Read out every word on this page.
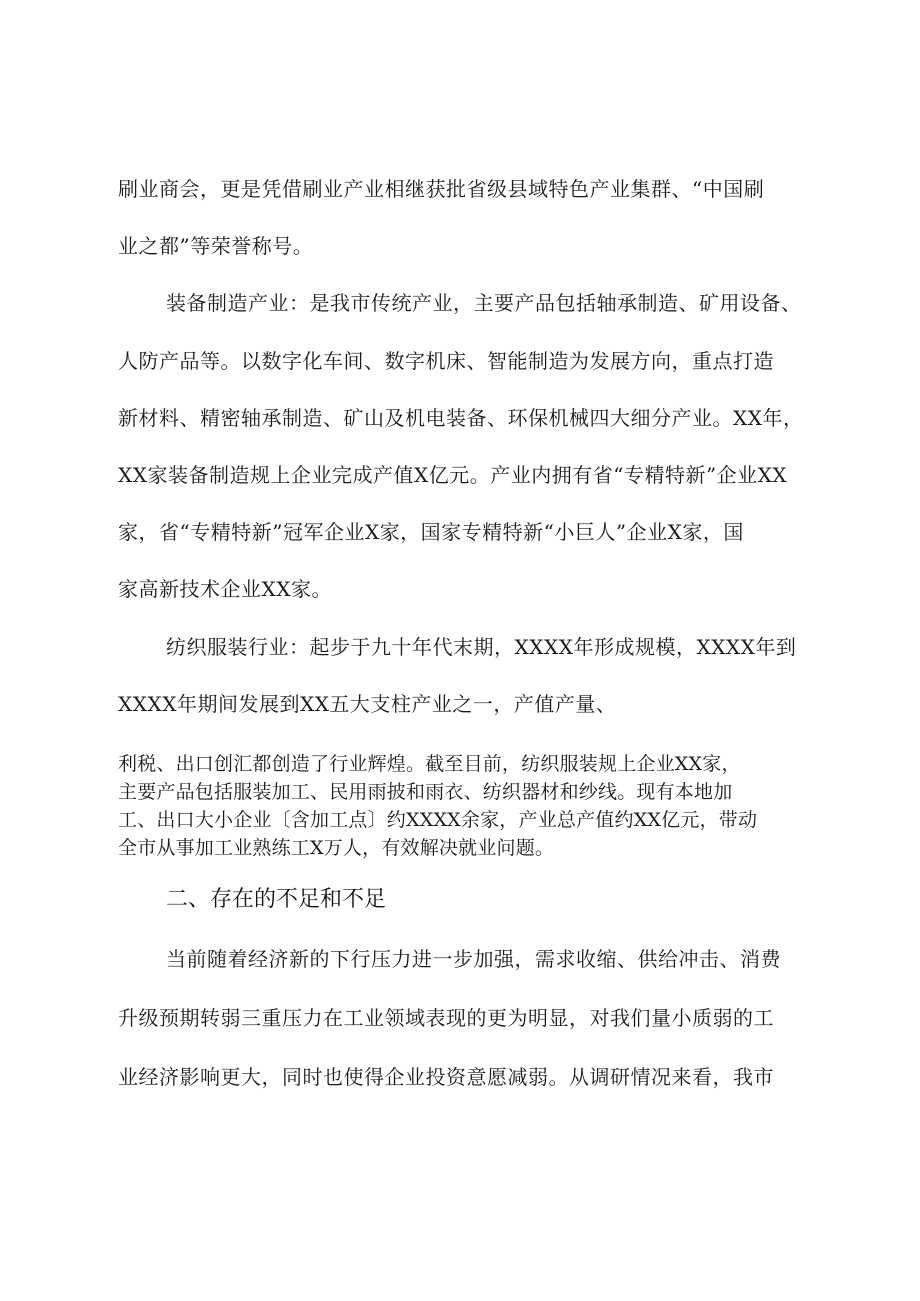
刷业商会，更是凭借刷业产业相继获批省级县域特色产业集群、“中国刷
业之都”等荣誉称号。
装备制造产业：是我市传统产业，主要产品包括轴承制造、矿用设备、
人防产品等。以数字化车间、数字机床、智能制造为发展方向，重点打造
新材料、精密轴承制造、矿山及机电装备、环保机械四大细分产业。XX年，
XX家装备制造规上企业完成产值X亿元。产业内拥有省“专精特新”企业XX
家，省“专精特新”冠军企业X家，国家专精特新“小巨人”企业X家，国
家高新技术企业XX家。
纺织服装行业：起步于九十年代末期，XXXX年形成规模，XXXX年到
XXXX年期间发展到XX五大支柱产业之一，产值产量、
利税、出口创汇都创造了行业辉煌。截至目前，纺织服装规上企业XX家，
主要产品包括服装加工、民用雨披和雨衣、纺织器材和纱线。现有本地加
工、出口大小企业〔含加工点〕约XXXX余家，产业总产值约XX亿元，带动
全市从事加工业熟练工X万人，有效解决就业问题。
二、存在的不足和不足
当前随着经济新的下行压力进一步加强，需求收缩、供给冲击、消费
升级预期转弱三重压力在工业领域表现的更为明显，对我们量小质弱的工
业经济影响更大，同时也使得企业投资意愿减弱。从调研情况来看，我市
